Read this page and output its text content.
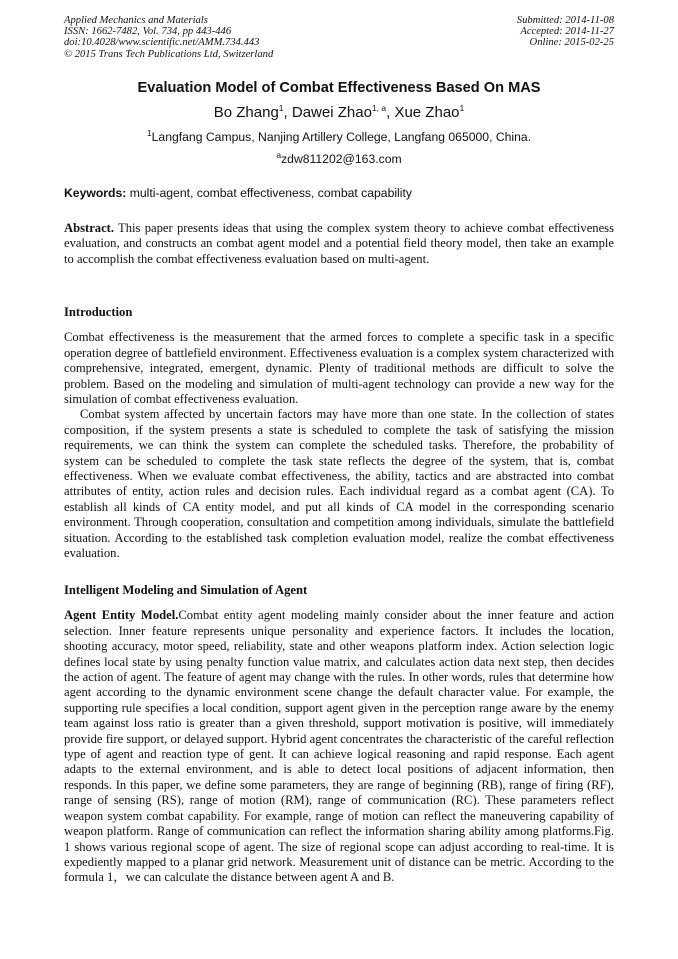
Applied Mechanics and Materials
ISSN: 1662-7482, Vol. 734, pp 443-446
doi:10.4028/www.scientific.net/AMM.734.443
© 2015 Trans Tech Publications Ltd, Switzerland
Submitted: 2014-11-08
Accepted: 2014-11-27
Online: 2015-02-25
Evaluation Model of Combat Effectiveness Based On MAS
Bo Zhang$^1$, Dawei Zhao$^{1, a}$, Xue Zhao$^1$
$^1$Langfang Campus, Nanjing Artillery College, Langfang 065000, China.
$^a$zdw811202@163.com
Keywords: multi-agent, combat effectiveness, combat capability

Abstract. This paper presents ideas that using the complex system theory to achieve combat effectiveness evaluation, and constructs an combat agent model and a potential field theory model, then take an example to accomplish the combat effectiveness evaluation based on multi-agent.

Introduction

Combat effectiveness is the measurement that the armed forces to complete a specific task in a specific operation degree of battlefield environment. Effectiveness evaluation is a complex system characterized with comprehensive, integrated, emergent, dynamic. Plenty of traditional methods are difficult to solve the problem. Based on the modeling and simulation of multi-agent technology can provide a new way for the simulation of combat effectiveness evaluation.

Combat system affected by uncertain factors may have more than one state. In the collection of states composition, if the system presents a state is scheduled to complete the task of satisfying the mission requirements, we can think the system can complete the scheduled tasks. Therefore, the probability of system can be scheduled to complete the task state reflects the degree of the system, that is, combat effectiveness. When we evaluate combat effectiveness, the ability, tactics and are abstracted into combat attributes of entity, action rules and decision rules. Each individual regard as a combat agent (CA). To establish all kinds of CA entity model, and put all kinds of CA model in the corresponding scenario environment. Through cooperation, consultation and competition among individuals, simulate the battlefield situation. According to the established task completion evaluation model, realize the combat effectiveness evaluation.

Intelligent Modeling and Simulation of Agent

Agent Entity Model.Combat entity agent modeling mainly consider about the inner feature and action selection. Inner feature represents unique personality and experience factors. It includes the location, shooting accuracy, motor speed, reliability, state and other weapons platform index. Action selection logic defines local state by using penalty function value matrix, and calculates action data next step, then decides the action of agent. The feature of agent may change with the rules. In other words, rules that determine how agent according to the dynamic environment scene change the default character value. For example, the supporting rule specifies a local condition, support agent given in the perception range aware by the enemy team against loss ratio is greater than a given threshold, support motivation is positive, will immediately provide fire support, or delayed support. Hybrid agent concentrates the characteristic of the careful reflection type of agent and reaction type of gent. It can achieve logical reasoning and rapid response. Each agent adapts to the external environment, and is able to detect local positions of adjacent information, then responds. In this paper, we define some parameters, they are range of beginning (RB), range of firing (RF), range of sensing (RS), range of motion (RM), range of communication (RC). These parameters reflect weapon system combat capability. For example, range of motion can reflect the maneuvering capability of weapon platform. Range of communication can reflect the information sharing ability among platforms.Fig. 1 shows various regional scope of agent. The size of regional scope can adjust according to real-time. It is expediently mapped to a planar grid network. Measurement unit of distance can be metric. According to the formula 1，we can calculate the distance between agent A and B.
